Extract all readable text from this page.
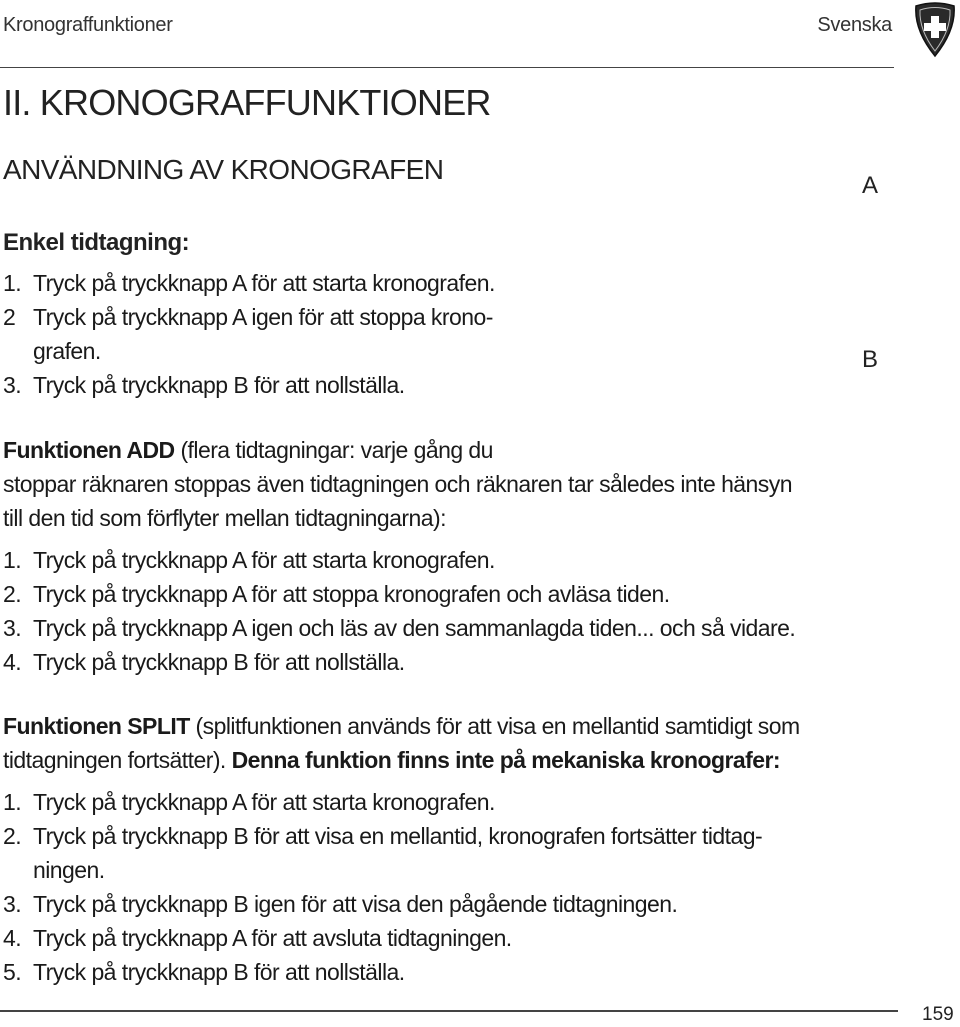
Kronograffunktioner	Svenska
II. KRONOGRAFFUNKTIONER
ANVÄNDNING AV KRONOGRAFEN
A
B
Enkel tidtagning:
1. Tryck på tryckknapp A för att starta kronografen.
2 Tryck på tryckknapp A igen för att stoppa krono-
grafen.
3. Tryck på tryckknapp B för att nollställa.
Funktionen ADD (flera tidtagningar: varje gång du
stoppar räknaren stoppas även tidtagningen och räknaren tar således inte hänsyn
till den tid som förflyter mellan tidtagningarna):
1. Tryck på tryckknapp A för att starta kronografen.
2. Tryck på tryckknapp A för att stoppa kronografen och avläsa tiden.
3. Tryck på tryckknapp A igen och läs av den sammanlagda tiden... och så vidare.
4. Tryck på tryckknapp B för att nollställa.
Funktionen SPLIT (splitfunktionen används för att visa en mellantid samtidigt som
tidtagningen fortsätter). Denna funktion finns inte på mekaniska kronografer:
1. Tryck på tryckknapp A för att starta kronografen.
2. Tryck på tryckknapp B för att visa en mellantid, kronografen fortsätter tidtag-
ningen.
3. Tryck på tryckknapp B igen för att visa den pågående tidtagningen.
4. Tryck på tryckknapp A för att avsluta tidtagningen.
5. Tryck på tryckknapp B för att nollställa.
159
